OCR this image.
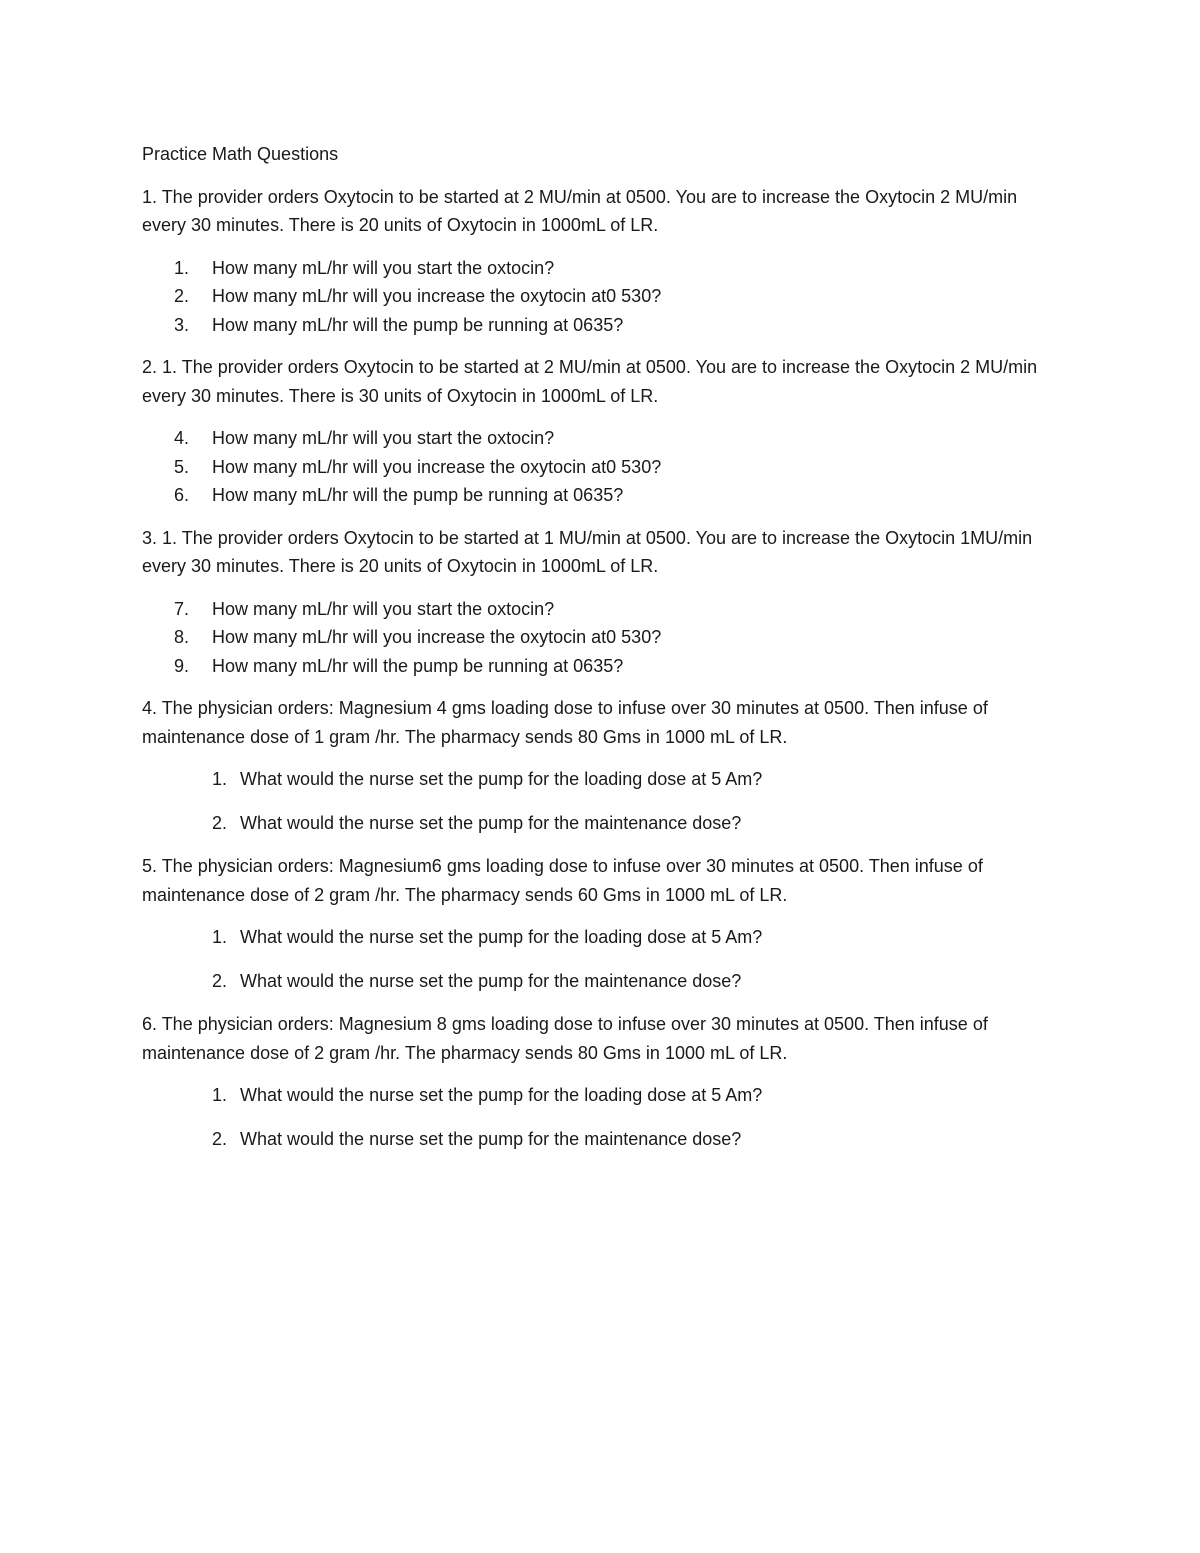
Practice Math Questions

1. The provider orders Oxytocin to be started at 2 MU/min at 0500. You are to increase the Oxytocin 2 MU/min every 30 minutes. There is 20 units of Oxytocin in 1000mL of LR.

1.	How many mL/hr will you start the oxtocin?
2.	How many mL/hr will you increase the oxytocin at0 530?
3.	How many mL/hr will the pump be running at 0635?

2. 1. The provider orders Oxytocin to be started at 2 MU/min at 0500. You are to increase the Oxytocin 2 MU/min every 30 minutes. There is 30 units of Oxytocin in 1000mL of LR.

4.	How many mL/hr will you start the oxtocin?
5.	How many mL/hr will you increase the oxytocin at0 530?
6.	How many mL/hr will the pump be running at 0635?

3. 1. The provider orders Oxytocin to be started at 1 MU/min at 0500. You are to increase the Oxytocin 1MU/min every 30 minutes. There is 20 units of Oxytocin in 1000mL of LR.

7.	How many mL/hr will you start the oxtocin?
8.	How many mL/hr will you increase the oxytocin at0 530?
9.	How many mL/hr will the pump be running at 0635?

4. The physician orders: Magnesium 4 gms loading dose to infuse over 30 minutes at 0500. Then infuse of maintenance dose of 1 gram /hr. The pharmacy sends 80 Gms in 1000 mL of LR.

1. What would the nurse set the pump for the loading dose at 5 Am?
2. What would the nurse set the pump for the maintenance dose?

5. The physician orders: Magnesium6 gms loading dose to infuse over 30 minutes at 0500. Then infuse of maintenance dose of 2 gram /hr. The pharmacy sends 60 Gms in 1000 mL of LR.

1. What would the nurse set the pump for the loading dose at 5 Am?
2. What would the nurse set the pump for the maintenance dose?

6. The physician orders: Magnesium 8 gms loading dose to infuse over 30 minutes at 0500. Then infuse of maintenance dose of 2 gram /hr. The pharmacy sends 80 Gms in 1000 mL of LR.

1. What would the nurse set the pump for the loading dose at 5 Am?
2. What would the nurse set the pump for the maintenance dose?
